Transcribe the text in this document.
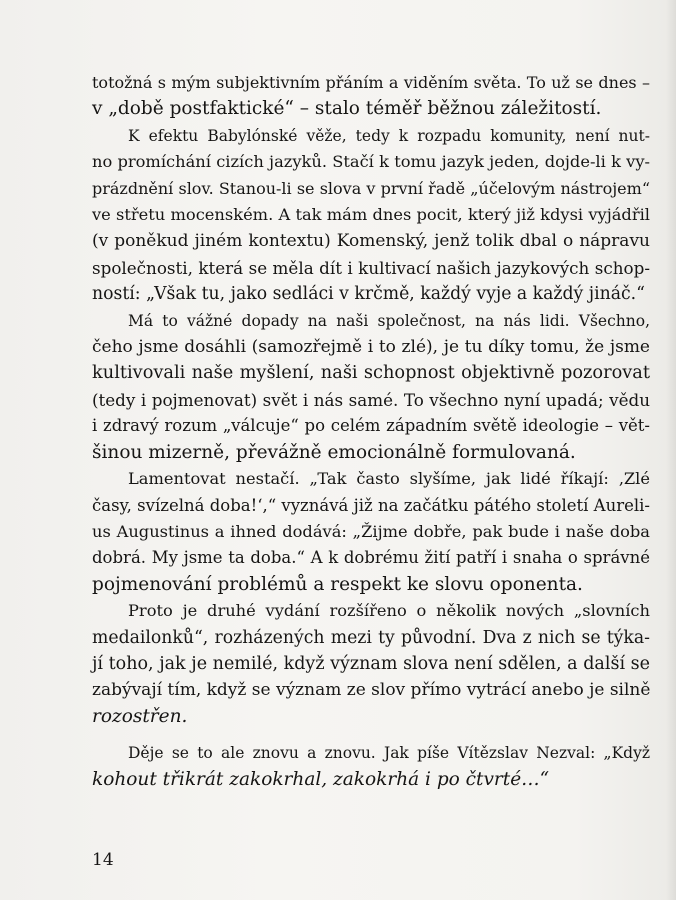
totožná s mým subjektivním přáním a viděním světa. To už se dnes –
v „době postfaktické“ – stalo téměř běžnou záležitostí.
K efektu Babylónské věže, tedy k rozpadu komunity, není nut-
no promíchání cizích jazyků. Stačí k tomu jazyk jeden, dojde-li k vy-
prázdnění slov. Stanou-li se slova v první řadě „účelovým nástrojem“
ve střetu mocenském. A tak mám dnes pocit, který již kdysi vyjádřil
(v poněkud jiném kontextu) Komenský, jenž tolik dbal o nápravu
společnosti, která se měla dít i kultivací našich jazykových schop-
ností: „Však tu, jako sedláci v krčmě, každý vyje a každý jináč.“
Má to vážné dopady na naši společnost, na nás lidi. Všechno,
čeho jsme dosáhli (samozřejmě i to zlé), je tu díky tomu, že jsme
kultivovali naše myšlení, naši schopnost objektivně pozorovat
(tedy i pojmenovat) svět i nás samé. To všechno nyní upadá; vědu
i zdravý rozum „válcuje“ po celém západním světě ideologie – vět-
šinou mizerně, převážně emocionálně formulovaná.
Lamentovat nestačí. „Tak často slyšíme, jak lidé říkají: ‚Zlé
časy, svízelná doba!‘,“ vyznává již na začátku pátého století Aureli-
us Augustinus a ihned dodává: „Žijme dobře, pak bude i naše doba
dobrá. My jsme ta doba.“ A k dobrému žití patří i snaha o správné
pojmenování problémů a respekt ke slovu oponenta.
Proto je druhé vydání rozšířeno o několik nových „slovních
medailonků“, rozházených mezi ty původní. Dva z nich se týka-
jí toho, jak je nemilé, když význam slova není sdělen, a další se
zabývají tím, když se význam ze slov přímo vytrácí anebo je silně
rozostřen.
Děje se to ale znovu a znovu. Jak píše Vítězslav Nezval: „Když
kohout třikrát zakokrhal, zakokrhá i po čtvrté…“
14
